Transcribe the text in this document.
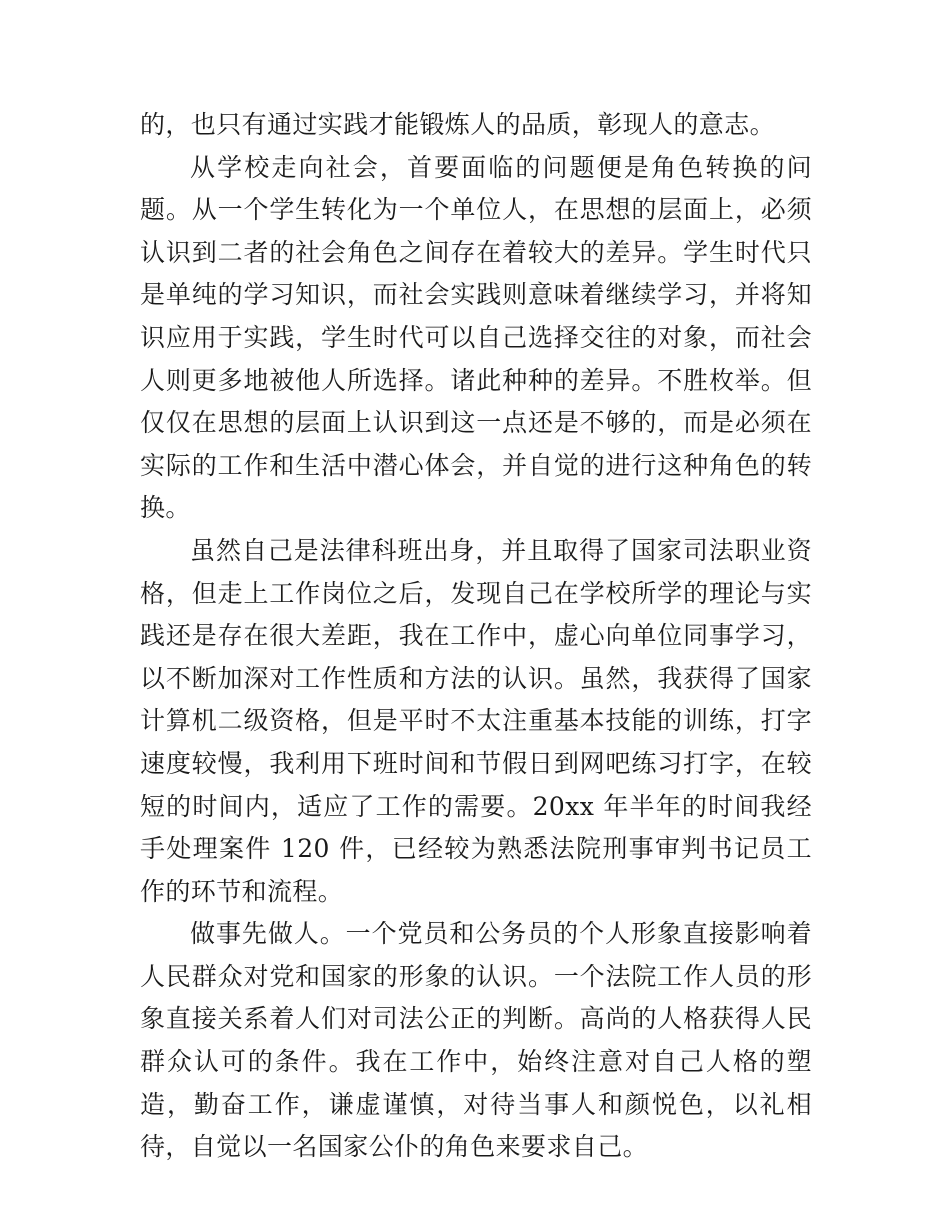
的，也只有通过实践才能锻炼人的品质，彰现人的意志。

从学校走向社会，首要面临的问题便是角色转换的问题。从一个学生转化为一个单位人，在思想的层面上，必须认识到二者的社会角色之间存在着较大的差异。学生时代只是单纯的学习知识，而社会实践则意味着继续学习，并将知识应用于实践，学生时代可以自己选择交往的对象，而社会人则更多地被他人所选择。诸此种种的差异。不胜枚举。但仅仅在思想的层面上认识到这一点还是不够的，而是必须在实际的工作和生活中潜心体会，并自觉的进行这种角色的转换。

虽然自己是法律科班出身，并且取得了国家司法职业资格，但走上工作岗位之后，发现自己在学校所学的理论与实践还是存在很大差距，我在工作中，虚心向单位同事学习，以不断加深对工作性质和方法的认识。虽然，我获得了国家计算机二级资格，但是平时不太注重基本技能的训练，打字速度较慢，我利用下班时间和节假日到网吧练习打字，在较短的时间内，适应了工作的需要。20xx 年半年的时间我经手处理案件 120 件，已经较为熟悉法院刑事审判书记员工作的环节和流程。

做事先做人。一个党员和公务员的个人形象直接影响着人民群众对党和国家的形象的认识。一个法院工作人员的形象直接关系着人们对司法公正的判断。高尚的人格获得人民群众认可的条件。我在工作中，始终注意对自己人格的塑造，勤奋工作，谦虚谨慎，对待当事人和颜悦色，以礼相待，自觉以一名国家公仆的角色来要求自己。
